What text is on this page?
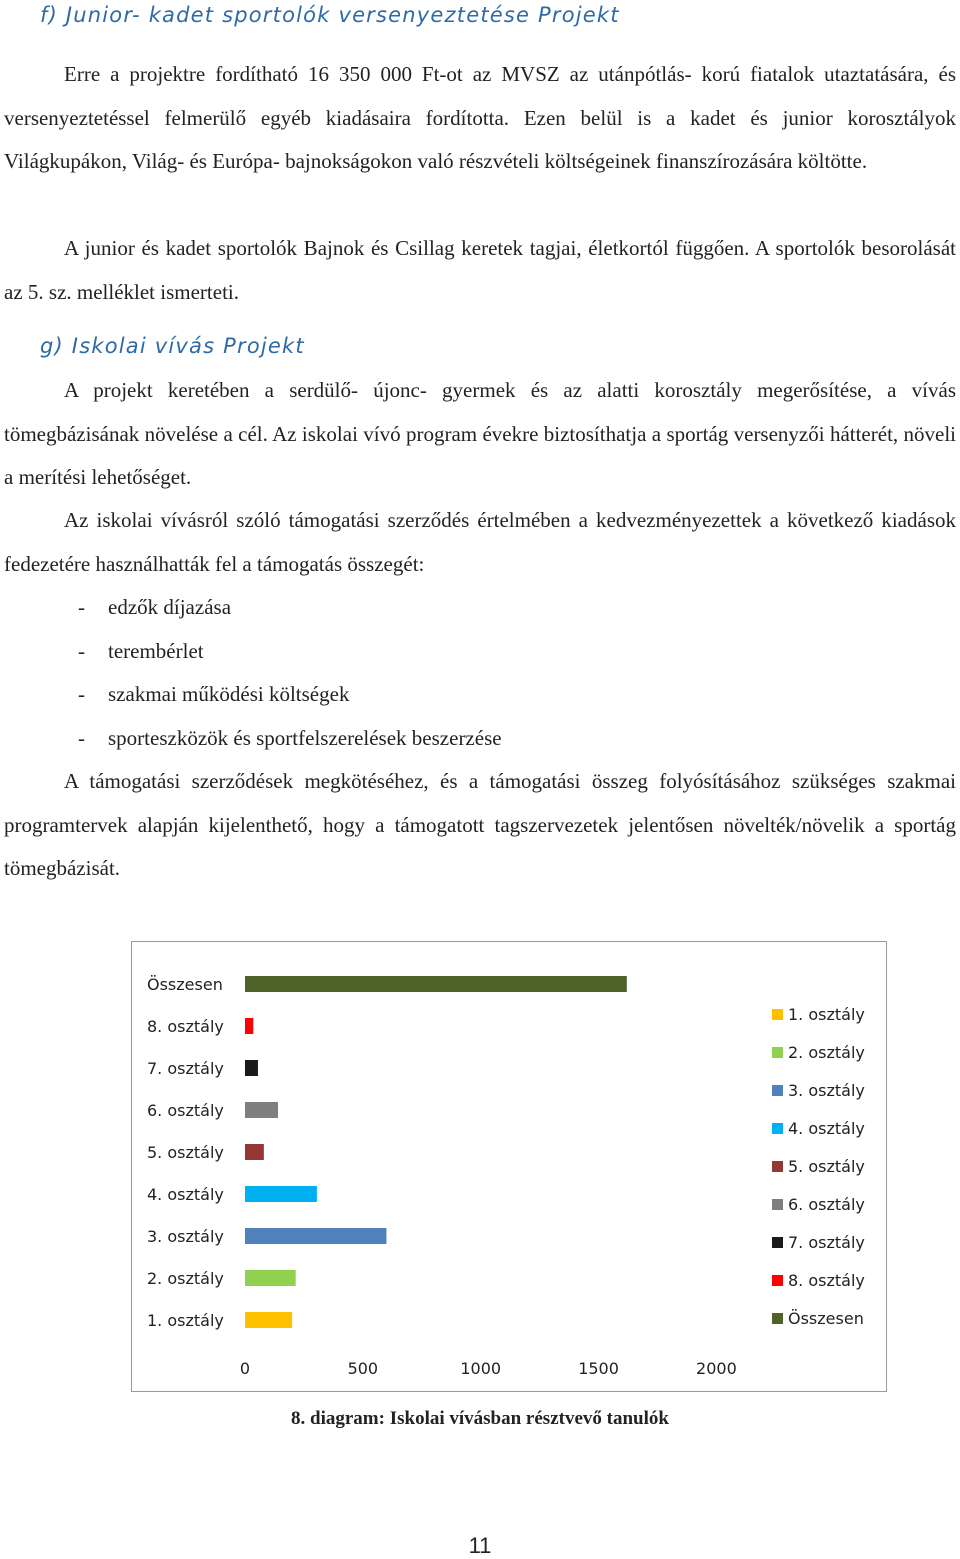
f) Junior- kadet sportolók versenyeztetése Projekt

Erre a projektre fordítható 16 350 000 Ft-ot az MVSZ az utánpótlás- korú fiatalok utaztatására, és versenyeztetéssel felmerülő egyéb kiadásaira fordította. Ezen belül is a kadet és junior korosztályok Világkupákon, Világ- és Európa- bajnokságokon való részvételi költségeinek finanszírozására költötte.

A junior és kadet sportolók Bajnok és Csillag keretek tagjai, életkortól függően. A sportolók besorolását az 5. sz. melléklet ismerteti.

g) Iskolai vívás Projekt

A projekt keretében a serdülő- újonc- gyermek és az alatti korosztály megerősítése, a vívás tömegbázisának növelése a cél. Az iskolai vívó program évekre biztosíthatja a sportág versenyzői hátterét, növeli a merítési lehetőséget.

Az iskolai vívásról szóló támogatási szerződés értelmében a kedvezményezettek a következő kiadások fedezetére használhatták fel a támogatás összegét:

- edzők díjazása
- terembérlet
- szakmai működési költségek
- sporteszközök és sportfelszerelések beszerzése

A támogatási szerződések megkötéséhez, és a támogatási összeg folyósításához szükséges szakmai programtervek alapján kijelenthető, hogy a támogatott tagszervezetek jelentősen növelték/növelik a sportág tömegbázisát.

1. osztály
2. osztály
3. osztály
4. osztály
5. osztály
6. osztály
7. osztály
8. osztály
Összesen
0	500	1000	1500	2000
1. osztály
2. osztály
3. osztály
4. osztály
5. osztály
6. osztály
7. osztály
8. osztály
Összesen

8. diagram: Iskolai vívásban résztvevő tanulók

11
